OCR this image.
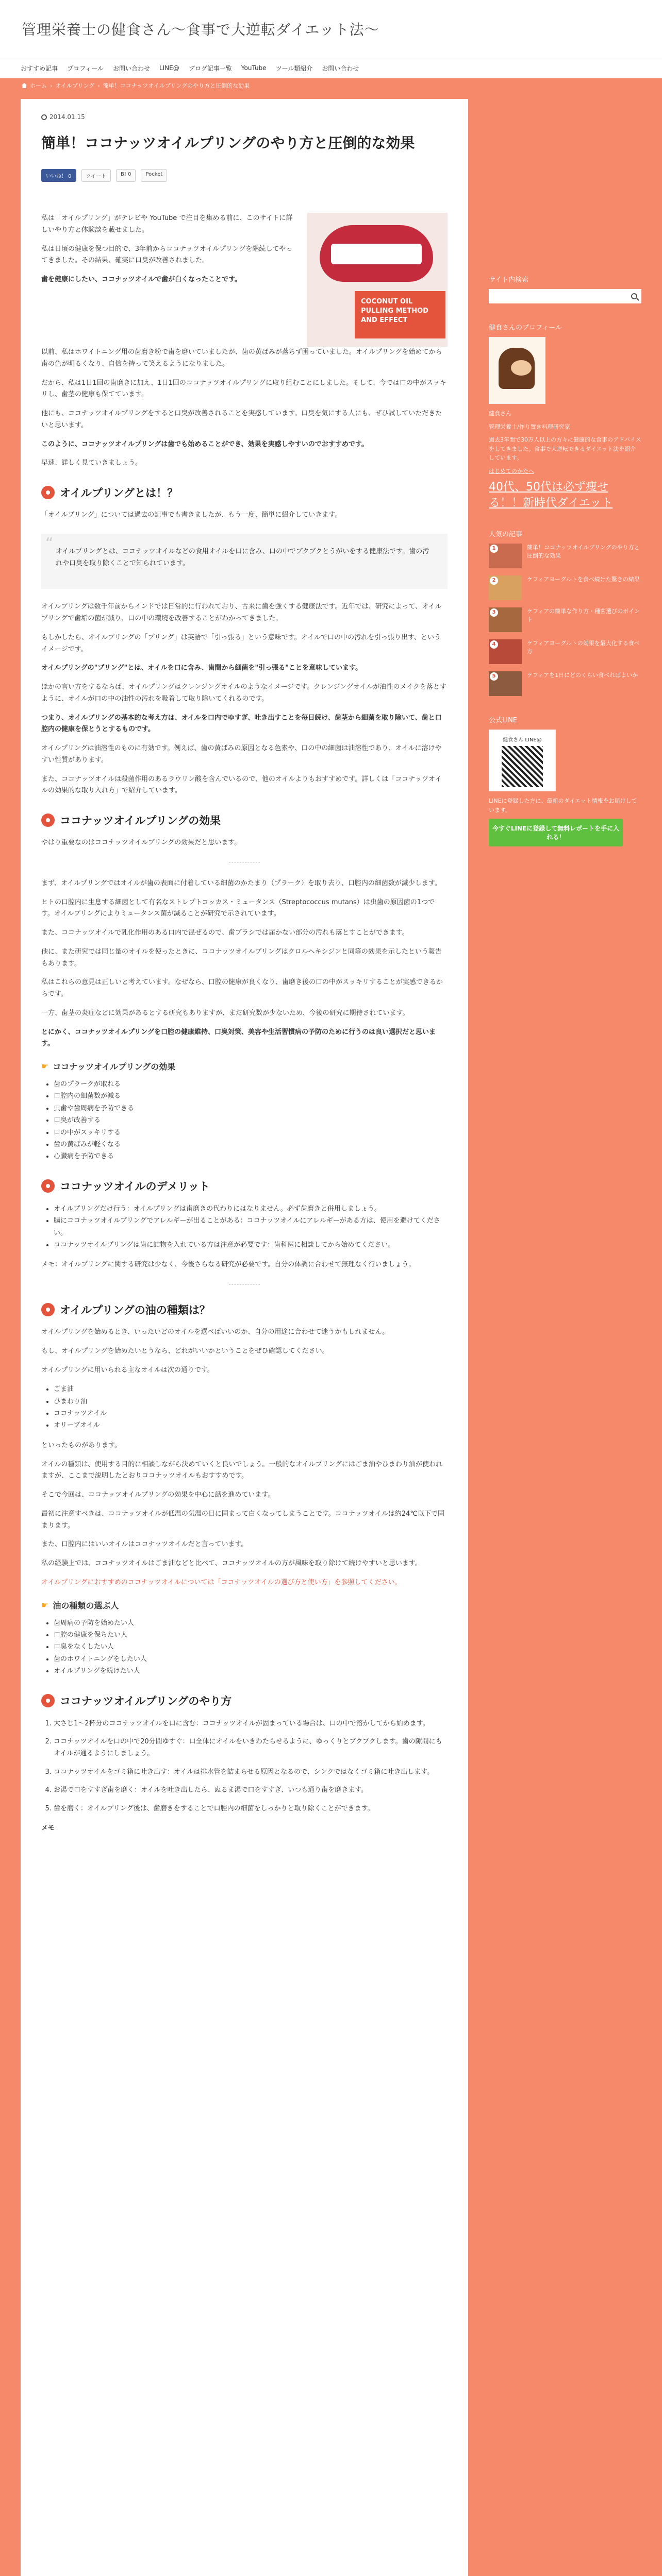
管理栄養士の健食さん〜食事で大逆転ダイエット法〜
おすすめ記事 プロフィール お問い合わせ LINE@ ブログ記事一覧 YouTube ツール類紹介 お問い合わせ
ホーム › オイルプリング › 簡単！ココナッツオイルプリングのやり方と圧倒的な効果
2014.01.15
簡単！ココナッツオイルプリングのやり方と圧倒的な効果
いいね！ 0	ツイート	B! 0	Pocket

私は「オイルプリング」がテレビや YouTube で注目を集める前に、このサイトに詳しいやり方と体験談を載せました。

私は日頃の健康を保つ目的で、3年前からココナッツオイルプリングを継続してやってきました。その結果、確実に口臭が改善されました。

歯を健康にしたい、ココナッツオイルで歯が白くなったことです。

COCONUT OIL PULLING METHOD AND EFFECT

以前、私はホワイトニング用の歯磨き粉で歯を磨いていましたが、歯の黄ばみが落ちず困っていました。オイルプリングを始めてから歯の色が明るくなり、自信を持って笑えるようになりました。

だから、私は1日1回の歯磨きに加え、1日1回のココナッツオイルプリングに取り組むことにしました。そして、今では口の中がスッキリし、歯茎の健康も保てています。

他にも、ココナッツオイルプリングをすると口臭が改善されることを実感しています。口臭を気にする人にも、ぜひ試していただきたいと思います。

このように、ココナッツオイルプリングは歯でも始めることができ、効果を実感しやすいのでおすすめです。

早速、詳しく見ていきましょう。

オイルプリングとは！？

「オイルプリング」については過去の記事でも書きましたが、もう一度、簡単に紹介していきます。

“ オイルプリングとは、ココナッツオイルなどの食用オイルを口に含み、口の中でブクブクとうがいをする健康法です。歯の汚れや口臭を取り除くことで知られています。

オイルプリングは数千年前からインドでは日常的に行われており、古来に歯を強くする健康法です。近年では、研究によって、オイルプリングで歯垢の菌が減り、口の中の環境を改善することがわかってきました。

もしかしたら、オイルプリングの「プリング」は英語で「引っ張る」という意味です。オイルで口の中の汚れを引っ張り出す、というイメージです。

オイルプリングの"プリング"とは、オイルを口に含み、歯間から細菌を"引っ張る"ことを意味しています。

ほかの言い方をするならば、オイルプリングはクレンジングオイルのようなイメージです。クレンジングオイルが油性のメイクを落とすように、オイルが口の中の油性の汚れを吸着して取り除いてくれるのです。

つまり、オイルプリングの基本的な考え方は、オイルを口内でゆすぎ、吐き出すことを毎日続け、歯茎から細菌を取り除いて、歯と口腔内の健康を保とうとするものです。

オイルプリングは油溶性のものに有効です。例えば、歯の黄ばみの原因となる色素や、口の中の細菌は油溶性であり、オイルに溶けやすい性質があります。

また、ココナッツオイルは殺菌作用のあるラウリン酸を含んでいるので、他のオイルよりもおすすめです。詳しくは「ココナッツオイルの効果的な取り入れ方」で紹介しています。

ココナッツオイルプリングの効果

やはり重要なのはココナッツオイルプリングの効果だと思います。

まず、オイルプリングではオイルが歯の表面に付着している細菌のかたまり（プラーク）を取り去り、口腔内の細菌数が減少します。

ヒトの口腔内に生息する細菌として有名なストレプトコッカス・ミュータンス（Streptococcus mutans）は虫歯の原因菌の1つです。オイルプリングによりミュータンス菌が減ることが研究で示されています。

また、ココナッツオイルで乳化作用のある口内で混ぜるので、歯ブラシでは届かない部分の汚れも落とすことができます。

他に、また研究では同じ量のオイルを使ったときに、ココナッツオイルプリングはクロルヘキシジンと同等の効果を示したという報告もあります。

私はこれらの意見は正しいと考えています。なぜなら、口腔の健康が良くなり、歯磨き後の口の中がスッキリすることが実感できるからです。

一方、歯茎の炎症などに効果があるとする研究もありますが、まだ研究数が少ないため、今後の研究に期待されています。

とにかく、ココナッツオイルプリングを口腔の健康維持、口臭対策、美容や生活習慣病の予防のために行うのは良い選択だと思います。

☛ ココナッツオイルプリングの効果
• 歯のプラークが取れる
• 口腔内の細菌数が減る
• 虫歯や歯周病を予防できる
• 口臭が改善する
• 口の中がスッキリする
• 歯の黄ばみが軽くなる
• 心臓病を予防できる
ココナッツオイルのデメリット
• オイルプリングだけ行う：オイルプリングは歯磨きの代わりにはなりません。必ず歯磨きと併用しましょう。
• 腸にココナッツオイルプリングでアレルギーが出ることがある：ココナッツオイルにアレルギーがある方は、使用を避けてください。
• ココナッツオイルプリングは歯に詰物を入れている方は注意が必要です：歯科医に相談してから始めてください。

メモ：オイルプリングに関する研究は少なく、今後さらなる研究が必要です。自分の体調に合わせて無理なく行いましょう。

オイルプリングの油の種類は？

オイルプリングを始めるとき、いったいどのオイルを選べばいいのか、自分の用途に合わせて迷うかもしれません。

もし、オイルプリングを始めたいとうなら、どれがいいかということをぜひ確認してください。

オイルプリングに用いられる主なオイルは次の通りです。

• ごま油
• ひまわり油
• ココナッツオイル
• オリーブオイル

といったものがあります。

オイルの種類は、使用する目的に相談しながら決めていくと良いでしょう。一般的なオイルプリングにはごま油やひまわり油が使われますが、ここまで説明したとおりココナッツオイルもおすすめです。

そこで今回は、ココナッツオイルプリングの効果を中心に話を進めています。

最初に注意すべきは、ココナッツオイルが低温の気温の日に固まって白くなってしまうことです。ココナッツオイルは約24℃以下で固まります。

また、口腔内にはいいオイルはココナッツオイルだと言っています。

私の経験上では、ココナッツオイルはごま油などと比べて、ココナッツオイルの方が風味を取り除けて続けやすいと思います。

オイルプリングにおすすめのココナッツオイルについては「ココナッツオイルの選び方と使い方」を参照してください。

☛ 油の種類の選ぶ人
• 歯周病の予防を始めたい人
• 口腔の健康を保ちたい人
• 口臭をなくしたい人
• 歯のホワイトニングをしたい人
• オイルプリングを続けたい人
ココナッツオイルプリングのやり方
1. 大さじ1〜2杯分のココナッツオイルを口に含む：ココナッツオイルが固まっている場合は、口の中で溶かしてから始めます。
2. ココナッツオイルを口の中で20分間ゆすぐ：口全体にオイルをいきわたらせるように、ゆっくりとブクブクします。歯の隙間にもオイルが通るようにしましょう。
3. ココナッツオイルをゴミ箱に吐き出す：オイルは排水管を詰まらせる原因となるので、シンクではなくゴミ箱に吐き出します。
4. お湯で口をすすぎ歯を磨く：オイルを吐き出したら、ぬるま湯で口をすすぎ、いつも通り歯を磨きます。
5. 歯を磨く：オイルプリング後は、歯磨きをすることで口腔内の細菌をしっかりと取り除くことができます。

メモ

サイト内検索
健食さんのプロフィール

健食さん

管理栄養士/作り置き料理研究家

過去3年間で30万人以上の方々に健康的な食事のアドバイスをしてきました。食事で大逆転できるダイエット法を紹介しています。

はじめてのかたへ
40代、50代は必ず痩せる！！新時代ダイエット
人気の記事
1	簡単！ココナッツオイルプリングのやり方と圧倒的な効果
2	ケフィアヨーグルトを食べ続けた驚きの結果
3	ケフィアの簡単な作り方・種菌選びのポイント
4	ケフィアヨーグルトの効果を最大化する食べ方
5	ケフィアを1日にどのくらい食べればよいか
公式LINE
健食さん LINE@

LINEに登録した方に、最新のダイエット情報をお届けしています。

今すぐLINEに登録して無料レポートを手に入れる！
